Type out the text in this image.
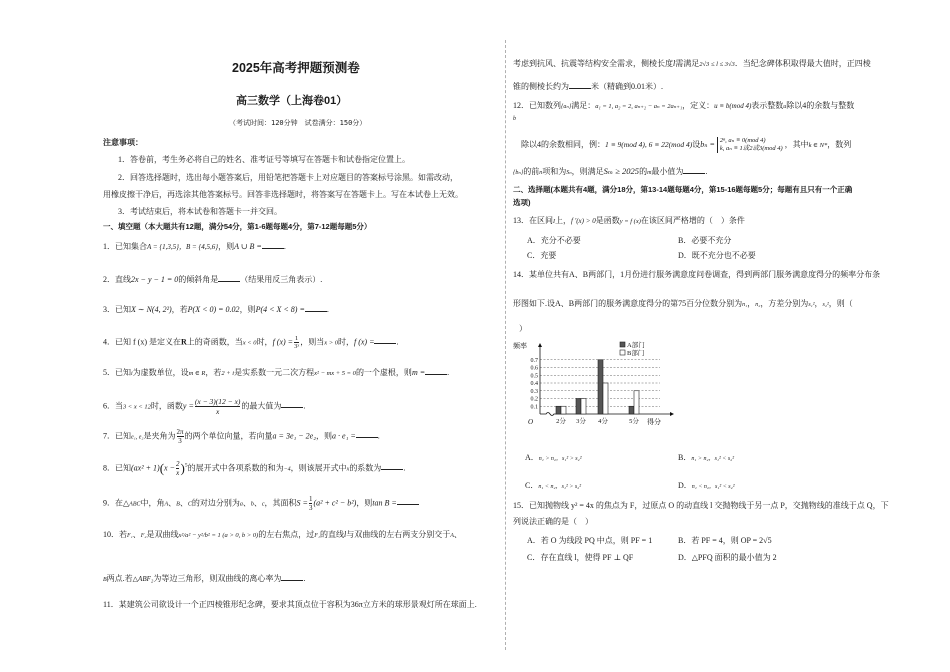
2025年高考押题预测卷
高三数学（上海卷01）
（考试时间：120分钟　试卷满分：150分）
注意事项：
1．答卷前，考生务必将自己的姓名、准考证号等填写在答题卡和试卷指定位置上。
2．回答选择题时，选出每小题答案后，用铅笔把答题卡上对应题目的答案标号涂黑。如需改动，
用橡皮擦干净后，再选涂其他答案标号。回答非选择题时，将答案写在答题卡上。写在本试卷上无效。
3．考试结束后，将本试卷和答题卡一并交回。
一、填空题（本大题共有12题，满分54分，第1-6题每题4分，第7-12题每题5分）
1．已知集合A = {1,3,5}，B = {4,5,6}，则A ∪ B =	.
2．直线2x − y − 1 = 0的倾斜角是	（结果用反三角表示）.
3．已知X ∼ N(4, 2²)，若P(X < 0) = 0.02，则P(4 < X < 8) =	.
4．已知 f (x) 是定义在R上的奇函数，当x < 0时，f $(x) = \frac{1}{\text{3ˣ}}$ ，则当x > 0时，f (x) =	.
5．已知i为虚数单位，设m ∈ R，若2 + i是实系数一元二次方程x² − mx + 5 = 0的一个虚根，则m =	.
6．当3 < x < 12时，函数$y = \frac{(x - 3)(12 - x)}{x}$ 的最大值为	.
7．已知e₁, e₂是夹角为 $\frac{2\pi}{3}$ 的两个单位向量，若向量a = 3e₁ − 2e₂，则a · e₁ =	.
8．已知$(ax^2 + 1)(x - \frac{2}{x} )^5$的展开式中各项系数的和为−4，则该展开式中x的系数为	.
9．在△ABC中，角A、B、C的对边分别为a、b、c，其面积$S = \frac{1}{3} (a^2 + c^2 - b^2)$，则tan B =
10．若F₁、F₂是双曲线x²/a² − y²/b² = 1 (a > 0, b > 0)的左右焦点，过F₁的直线l与双曲线的左右两支分别交于A、
B两点.若△ABF₂为等边三角形，则双曲线的离心率为	.
11．某建筑公司欲设计一个正四棱锥形纪念碑，要求其顶点位于容积为36π立方米的球形景观灯所在球面上.
考虑到抗风、抗震等结构安全需求，侧棱长度l需满足2√3 ≤ l ≤ 3√3．当纪念碑体积取得最大值时，正四棱
锥的侧棱长约为	米（精确到0.01米）.
12．已知数列{aₙ}满足：a₁ = 1, a₂ = 2, aₙ₊₂ − aₙ = 2aₙ₊₁，定义：u ≡ b(mod 4)表示整数u除以4的余数与整数
b
除以4的余数相同，例：1 ≡ 9(mod 4), 6 ≡ 22(mod 4)设bₙ = 2ⁿ, aₙ ≡ 0(mod 4)
k, aₙ ≡ 1或2或3(mod 4) ，其中k ∈ N*，数列
{bₙ}的前n项和为Sₙ，则满足Sₘ ≥ 2025的m最小值为	.
二、选择题(本题共有4题，满分18分，第13-14题每题4分，第15-16题每题5分；每题有且只有一个正确
选项)
13．在区间I上，f ′(x) > 0是函数y = f (x)在该区间严格增的（　）条件
A．充分不必要	B．必要不充分
C．充要	D．既不充分也不必要
14．某单位共有A、B两部门，1月份进行服务满意度问卷调查，得到两部门服务满意度得分的频率分布条
形图如下.设A、B两部门的服务满意度得分的第75百分位数分别为n₁，n₂，方差分别为s₁²，s₂²，则（
）
0.1
0.2
0.3
0.4
0.5
0.6
0.7
频率
得分
O	2分 3分 4分	5分
A部门
B部门
A．n₁ > n₂，s₁² > s₂²	B．n₁ > n₂，s₁² < s₂²
C．n₁ < n₂，s₁² > s₂²	D．n₁ < n₂，s₁² < s₂²
15．已知抛物线 y² = 4x 的焦点为 F，过原点 O 的动直线 l 交抛物线于另一点 P，交抛物线的准线于点 Q，下
列说法正确的是（　）
A．若 O 为线段 PQ 中点，则 PF = 1	B．若 PF = 4，则 OP = 2√5
C．存在直线 l，使得 PF ⊥ QF	D．△PFQ 面积的最小值为 2
